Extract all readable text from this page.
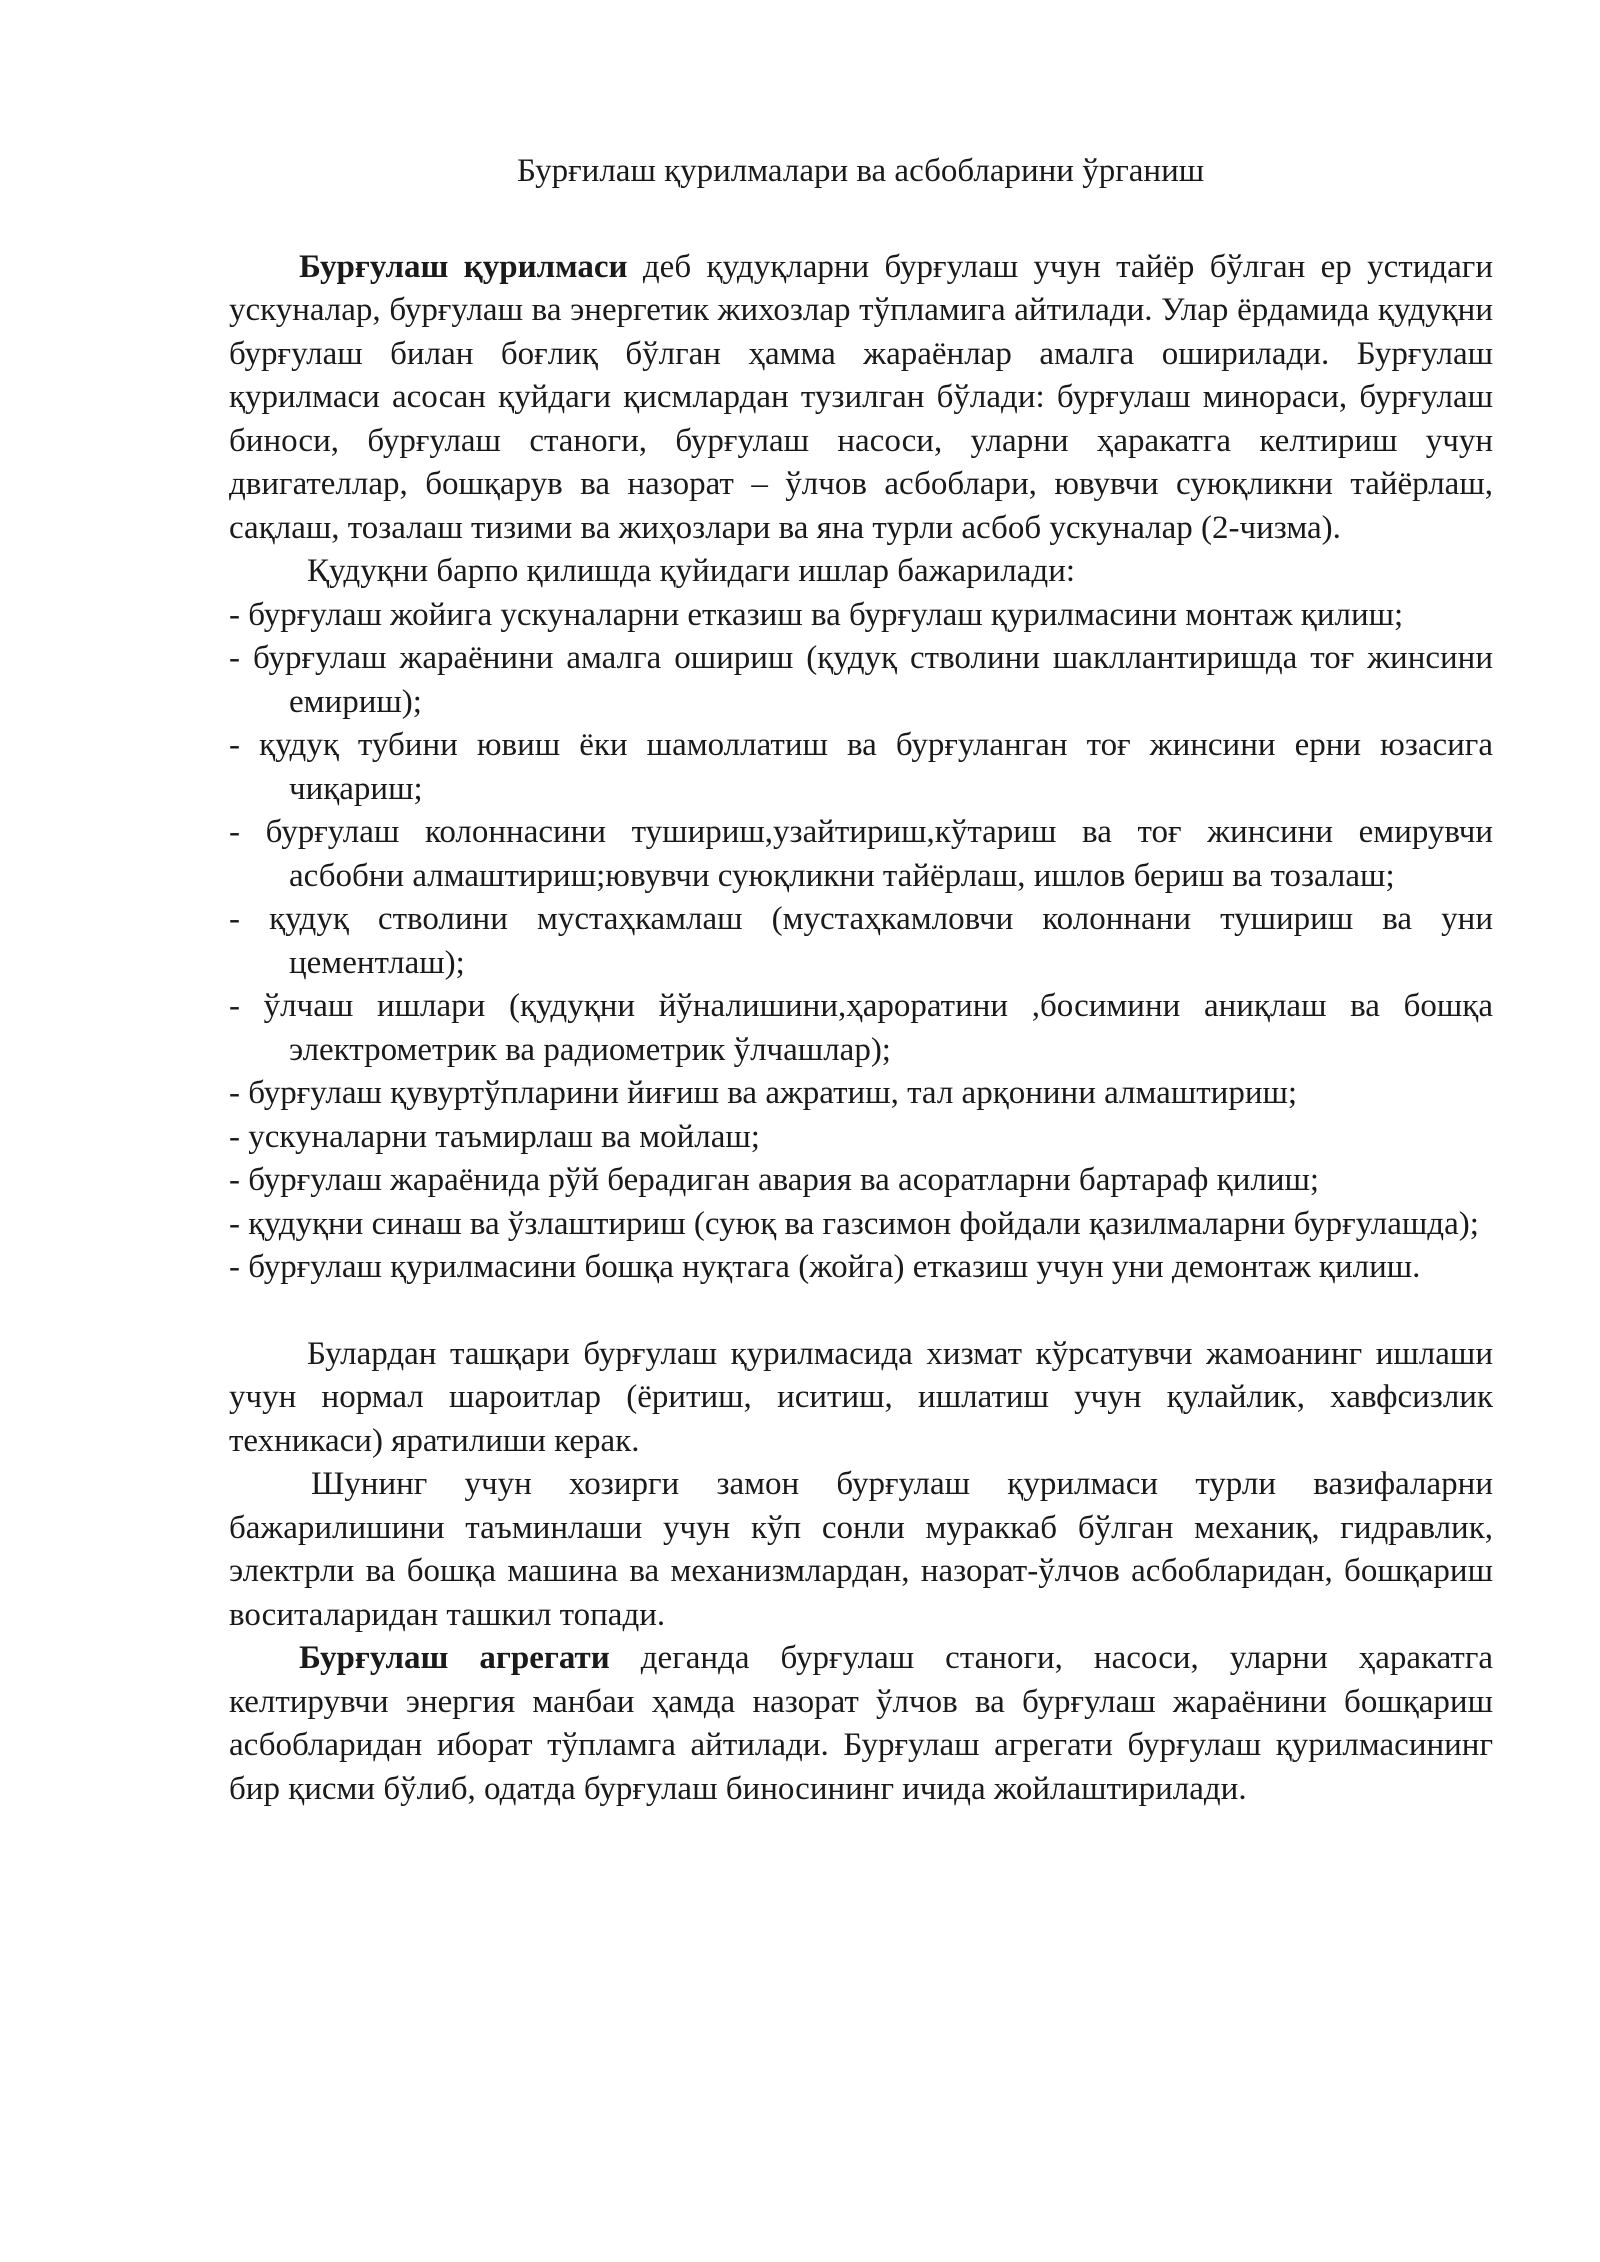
Бурғилаш қурилмалари ва асбобларини ўрганиш

Бурғулаш қурилмаси деб қудуқларни бурғулаш учун тайёр бўлган ер устидаги ускуналар, бурғулаш ва энергетик жихозлар тўпламига айтилади. Улар ёрдамида қудуқни бурғулаш билан боғлиқ бўлган ҳамма жараёнлар амалга оширилади. Бурғулаш қурилмаси асосан қуйдаги қисмлардан тузилган бўлади: бурғулаш минораси, бурғулаш биноси, бурғулаш станоги, бурғулаш насоси, уларни ҳаракатга келтириш учун двигателлар, бошқарув ва назорат – ўлчов асбоблари, ювувчи суюқликни тайёрлаш, сақлаш, тозалаш тизими ва жиҳозлари ва яна турли асбоб ускуналар (2-чизма).

Қудуқни барпо қилишда қуйидаги ишлар бажарилади:

- бурғулаш жойига ускуналарни етказиш ва бурғулаш қурилмасини монтаж қилиш;
- бурғулаш жараёнини амалга ошириш (қудуқ стволини шакллантиришда тоғ жинсини емириш);
- қудуқ тубини ювиш ёки шамоллатиш ва бурғуланган тоғ жинсини ерни юзасига чиқариш;
- бурғулаш колоннасини тушириш,узайтириш,кўтариш ва тоғ жинсини емирувчи асбобни алмаштириш;ювувчи суюқликни тайёрлаш, ишлов бериш ва тозалаш;
- қудуқ стволини мустаҳкамлаш (мустаҳкамловчи колоннани тушириш ва уни цементлаш);
- ўлчаш ишлари (қудуқни йўналишини,ҳароратини ,босимини аниқлаш ва бошқа электрометрик ва радиометрик ўлчашлар);
- бурғулаш қувуртўпларини йиғиш ва ажратиш, тал арқонини алмаштириш;
- ускуналарни таъмирлаш ва мойлаш;
- бурғулаш жараёнида рўй берадиган авария ва асоратларни бартараф қилиш;
- қудуқни синаш ва ўзлаштириш (суюқ ва газсимон фойдали қазилмаларни бурғулашда);
- бурғулаш қурилмасини бошқа нуқтага (жойга) етказиш учун уни демонтаж қилиш.

Булардан ташқари бурғулаш қурилмасида хизмат кўрсатувчи жамоанинг ишлаши учун нормал шароитлар (ёритиш, иситиш, ишлатиш учун қулайлик, хавфсизлик техникаси) яратилиши керак.

Шунинг учун хозирги замон бурғулаш қурилмаси турли вазифаларни бажарилишини таъминлаши учун кўп сонли мураккаб бўлган механиқ, гидравлик, электрли ва бошқа машина ва механизмлардан, назорат-ўлчов асбобларидан, бошқариш воситаларидан ташкил топади.

Бурғулаш агрегати деганда бурғулаш станоги, насоси, уларни ҳаракатга келтирувчи энергия манбаи ҳамда назорат ўлчов ва бурғулаш жараёнини бошқариш асбобларидан иборат тўпламга айтилади. Бурғулаш агрегати бурғулаш қурилмасининг бир қисми бўлиб, одатда бурғулаш биносининг ичида жойлаштирилади.
